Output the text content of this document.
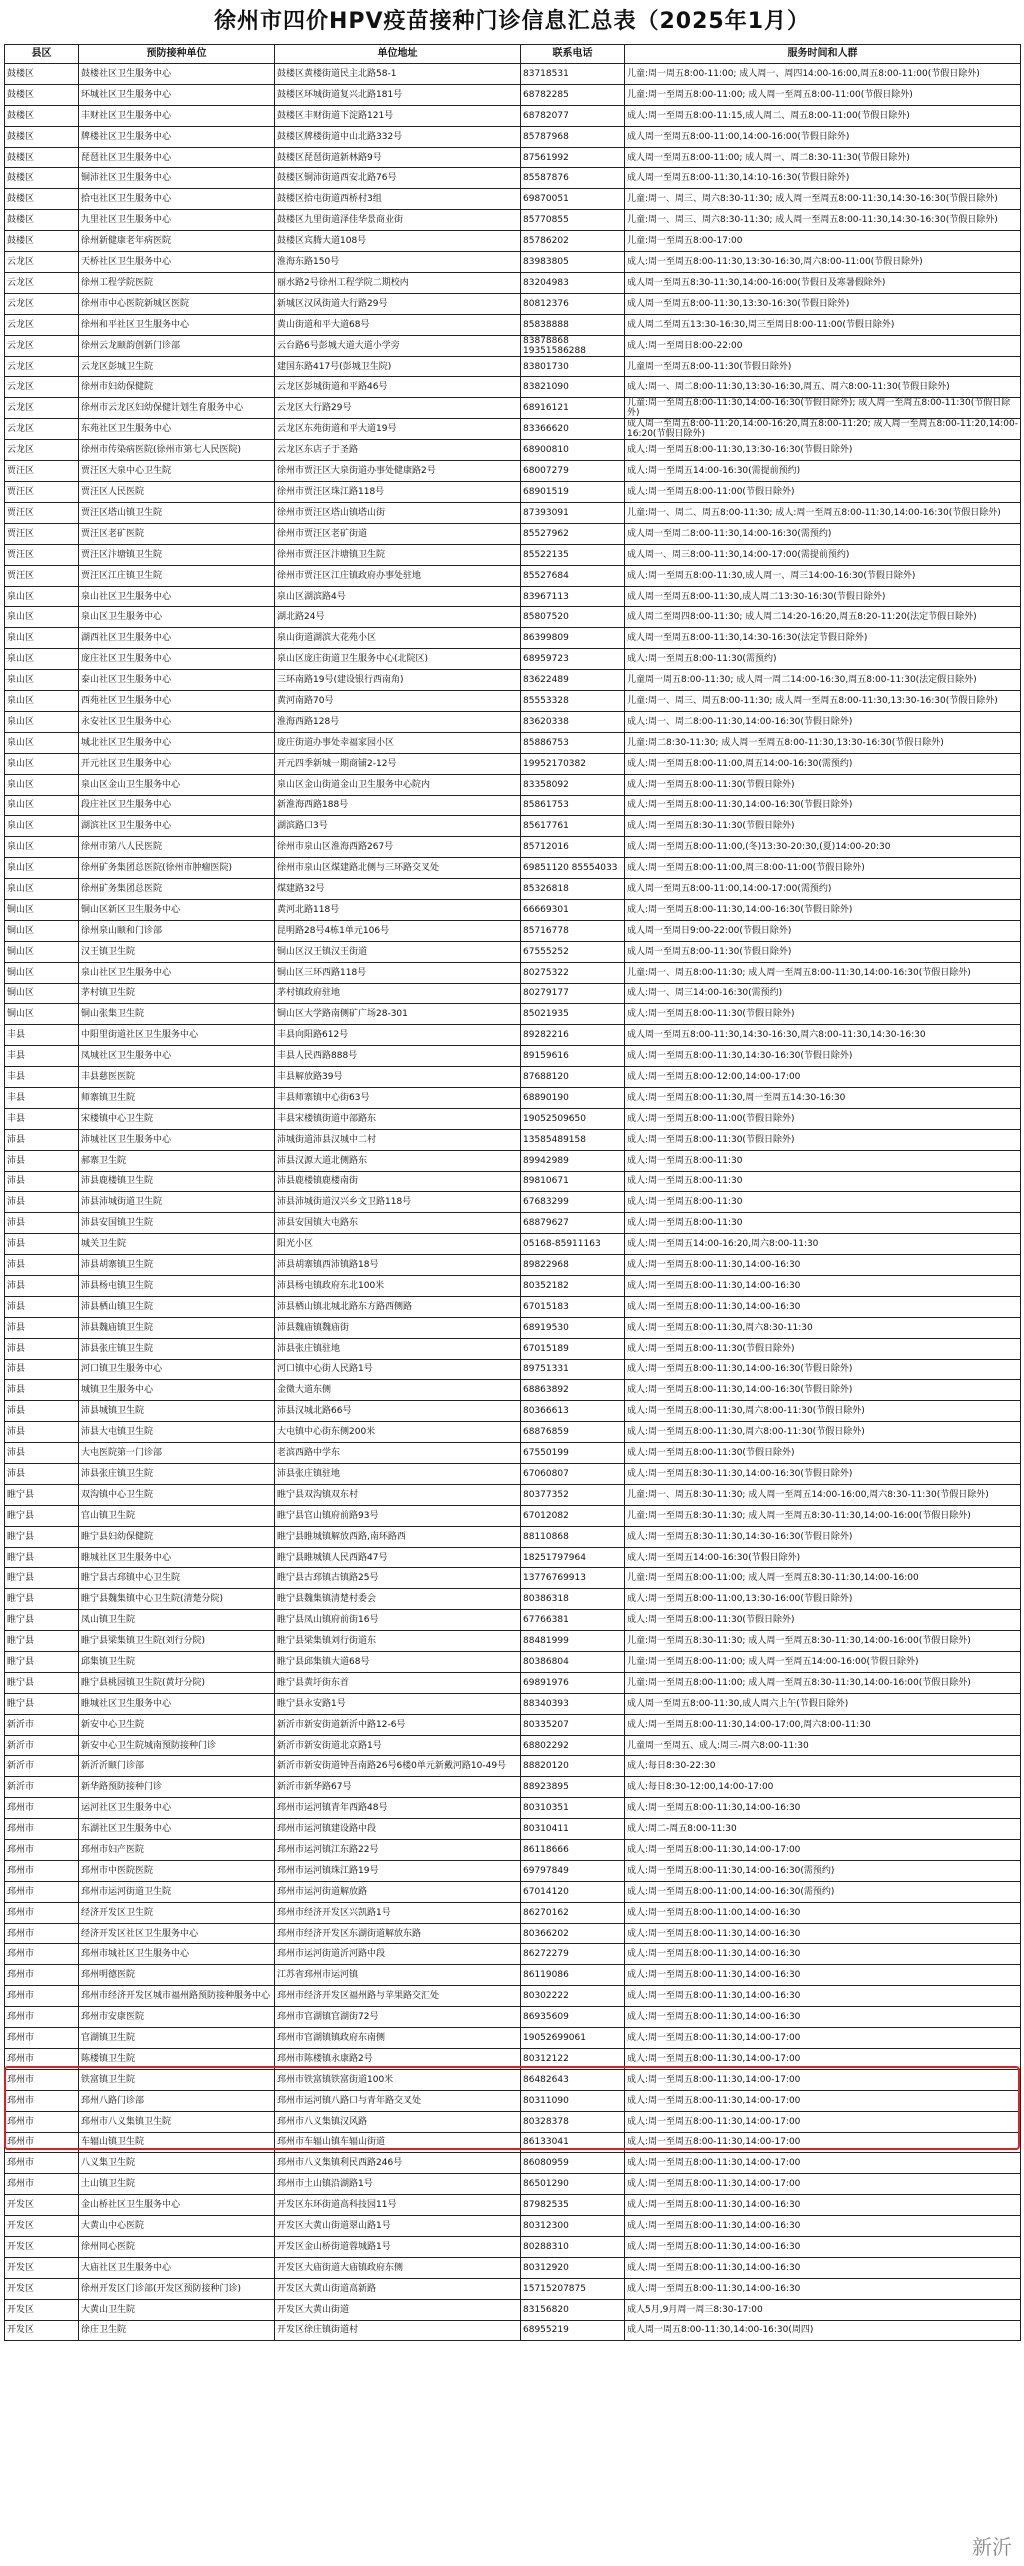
徐州市四价HPV疫苗接种门诊信息汇总表（2025年1月）
县区	预防接种单位	单位地址	联系电话	服务时间和人群
鼓楼区	鼓楼社区卫生服务中心	鼓楼区黄楼街道民主北路58-1	83718531	儿童:周一周五8:00-11:00; 成人周一、周四14:00-16:00,周五8:00-11:00(节假日除外)
鼓楼区	环城社区卫生服务中心	鼓楼区环城街道复兴北路181号	68782285	儿童:周一至周五8:00-11:00; 成人周一至周五8:00-11:00(节假日除外)
鼓楼区	丰财社区卫生服务中心	鼓楼区丰财街道下淀路121号	68782077	成人:周一至周五8:00-11:15,成人周二、周五8:00-11:00(节假日除外)
鼓楼区	牌楼社区卫生服务中心	鼓楼区牌楼街道中山北路332号	85787968	成人周一至周五8:00-11:00,14:00-16:00(节假日除外)
鼓楼区	琵琶社区卫生服务中心	鼓楼区琵琶街道新林路9号	87561992	成人周一至周五8:00-11:00; 成人周一、周二8:30-11:30(节假日除外)
鼓楼区	铜沛社区卫生服务中心	鼓楼区铜沛街道西安北路76号	85587876	成人周一至周五8:00-11:30,14:10-16:30(节假日除外)
鼓楼区	拾屯社区卫生服务中心	鼓楼区拾屯街道西桥村3组	69870051	儿童:周一、周三、周六8:30-11:30; 成人周一至周五8:00-11:30,14:30-16:30(节假日除外)
鼓楼区	九里社区卫生服务中心	鼓楼区九里街道泽佳华景商业街	85770855	儿童:周一、周三、周六8:30-11:30; 成人周一至周五8:00-11:30,14:30-16:30(节假日除外)
鼓楼区	徐州新健康老年病医院	鼓楼区宾腾大道108号	85786202	儿童:周一至周五8:00-17:00
云龙区	天桥社区卫生服务中心	淮海东路150号	83983805	成人:周一至周五8:00-11:30,13:30-16:30,周六8:00-11:00(节假日除外)
云龙区	徐州工程学院医院	丽水路2号徐州工程学院二期校内	83204983	成人周一至周五8:30-11:30,14:00-16:00(节假日及寒暑假除外)
云龙区	徐州市中心医院新城区医院	新城区汉风街道大行路29号	80812376	成人周一至周五8:00-11:30,13:30-16:30(节假日除外)
云龙区	徐州和平社区卫生服务中心	黄山街道和平大道68号	85838888	成人周二至周五13:30-16:30,周三至周日8:00-11:00(节假日除外)
云龙区	徐州云龙颐韵创新门诊部	云台路6号彭城大道大道小学旁	83878868 19351586288	成人:周一至周日8:00-22:00
云龙区	云龙区彭城卫生院	建国东路417号(彭城卫生院)	83801730	儿童周一至周五8:00-11:30(节假日除外)
云龙区	徐州市妇幼保健院	云龙区彭城街道和平路46号	83821090	成人:周一、周二8:00-11:30,13:30-16:30,周五、周六8:00-11:30(节假日除外)
云龙区	徐州市云龙区妇幼保健计划生育服务中心	云龙区大行路29号	68916121	儿童:周一至周五8:00-11:30,14:00-16:30(节假日除外); 成人周一至周五8:00-11:30(节假日除外)
云龙区	东苑社区卫生服务中心	云龙区东苑街道和平大道19号	83366620	成人周一至周五8:00-11:20,14:00-16:20,周五8:00-11:20; 成人周一至周五8:00-11:20,14:00-16:20(节假日除外)
云龙区	徐州市传染病医院(徐州市第七人民医院)	云龙区东店子于圣路	68900810	成人:周一至周五8:00-11:30,13:30-16:30(节假日除外)
贾汪区	贾汪区大泉中心卫生院	徐州市贾汪区大泉街道办事处健康路2号	68007279	成人:周一至周五14:00-16:30(需提前预约)
贾汪区	贾汪区人民医院	徐州市贾汪区珠江路118号	68901519	成人:周一至周五8:00-11:00(节假日除外)
贾汪区	贾汪区塔山镇卫生院	徐州市贾汪区塔山镇塔山街	87393091	儿童:周一、周二、周五8:00-11:30; 成人:周一至周五8:00-11:30,14:00-16:30(节假日除外)
贾汪区	贾汪区老矿医院	徐州市贾汪区老矿街道	85527962	成人周一至周二8:00-11:30,14:00-16:30(需预约)
贾汪区	贾汪区汴塘镇卫生院	徐州市贾汪区汴塘镇卫生院	85522135	成人周一、周三8:00-11:30,14:00-17:00(需提前预约)
贾汪区	贾汪区江庄镇卫生院	徐州市贾汪区江庄镇政府办事处驻地	85527684	成人:周一至周五8:00-11:30,成人周一、周三14:00-16:30(节假日除外)
泉山区	泉山社区卫生服务中心	泉山区湖滨路4号	83967113	成人周一至周五8:00-11:30,成人周二13:30-16:30(节假日除外)
泉山区	泉山区卫生服务中心	湖北路24号	85807520	成人周二至周四8:00-11:30; 成人周二14:20-16:20,周五8:20-11:20(法定节假日除外)
泉山区	湖西社区卫生服务中心	泉山街道湖滨大花苑小区	86399809	成人周一至周五8:00-11:30,14:30-16:30(法定节假日除外)
泉山区	庞庄社区卫生服务中心	泉山区庞庄街道卫生服务中心(北院区)	68959723	成人:周一至周五8:00-11:30(需预约)
泉山区	泰山社区卫生服务中心	三环南路19号(建设银行西南角)	83622489	儿童周一周五8:00-11:30; 成人周一周二14:00-16:30,周五8:00-11:30(法定假日除外)
泉山区	西苑社区卫生服务中心	黄河南路70号	85553328	儿童:周一、周三、周五8:00-11:30; 成人周一至周五8:00-11:30,13:30-16:30(节假日除外)
泉山区	永安社区卫生服务中心	淮海西路128号	83620338	成人:周一、周二8:00-11:30,14:00-16:30(节假日除外)
泉山区	城北社区卫生服务中心	庞庄街道办事处幸福家园小区	85886753	儿童:周二8:30-11:30; 成人周一至周五8:00-11:30,13:30-16:30(节假日除外)
泉山区	开元社区卫生服务中心	开元四季新城一期商铺2-12号	19952170382	成人:周一至周五8:00-11:00,周五14:00-16:30(需预约)
泉山区	泉山区金山卫生服务中心	泉山区金山街道金山卫生服务中心院内	83358092	成人:周一至周五8:00-11:30(节假日除外)
泉山区	段庄社区卫生服务中心	新淮海西路188号	85861753	成人:周一至周五8:00-11:30,14:00-16:30(节假日除外)
泉山区	湖滨社区卫生服务中心	湖滨路口3号	85617761	成人:周一至周五8:30-11:30(节假日除外)
泉山区	徐州市第八人民医院	徐州市泉山区淮海西路267号	85712016	成人:周一至周五8:00-11:00,(冬)13:30-20:30,(夏)14:00-20:30
泉山区	徐州矿务集团总医院(徐州市肿瘤医院)	徐州市泉山区煤建路北侧与三环路交叉处	69851120 85554033	成人:周一至周五8:00-11:00,周三8:00-11:00(节假日除外)
泉山区	徐州矿务集团总医院	煤建路32号	85326818	成人周一至周五8:00-11:00,14:00-17:00(需预约)
铜山区	铜山区新区卫生服务中心	黄河北路118号	66669301	成人:周一至周五8:00-11:30,14:00-16:30(节假日除外)
铜山区	徐州泉山颐和门诊部	昆明路28号4栋1单元106号	85716778	成人周一至周日9:00-22:00(节假日除外)
铜山区	汉王镇卫生院	铜山区汉王镇汉王街道	67555252	成人周一至周五8:00-11:30(节假日除外)
铜山区	泉山社区卫生服务中心	铜山区三环西路118号	80275322	儿童:周一、周五8:00-11:30; 成人周一至周五8:00-11:30,14:00-16:30(节假日除外)
铜山区	茅村镇卫生院	茅村镇政府驻地	80279177	成人:周一、周三14:00-16:30(需预约)
铜山区	铜山张集卫生院	铜山区大学路南侧矿广场28-301	85021935	成人:周一至周五8:00-11:30(节假日除外)
丰县	中阳里街道社区卫生服务中心	丰县向阳路612号	89282216	成人周一至周五8:00-11:30,14:30-16:30,周六8:00-11:30,14:30-16:30
丰县	凤城社区卫生服务中心	丰县人民西路888号	89159616	成人:周一至周五8:00-11:30,14:30-16:30(节假日除外)
丰县	丰县慈医医院	丰县解放路39号	87688120	成人:周一至周五8:00-12:00,14:00-17:00
丰县	师寨镇卫生院	丰县师寨镇中心街63号	68890190	成人:周一至周五8:00-11:30,周一至周五14:30-16:30
丰县	宋楼镇中心卫生院	丰县宋楼镇街道中部路东	19052509650	成人:周一至周五8:00-11:00(节假日除外)
沛县	沛城社区卫生服务中心	沛城街道沛县汉城中二村	13585489158	成人:周一至周五8:00-11:30(节假日除外)
沛县	郝寨卫生院	沛县汉源大道北侧路东	89942989	成人:周一至周五8:00-11:30
沛县	沛县鹿楼镇卫生院	沛县鹿楼镇鹿楼南街	89810671	成人:周一至周五8:00-11:30
沛县	沛县沛城街道卫生院	沛县沛城街道汉兴乡文卫路118号	67683299	成人:周一至周五8:00-11:30
沛县	沛县安国镇卫生院	沛县安国镇大屯路东	68879627	成人:周一至周五8:00-11:30
沛县	城关卫生院	阳光小区	05168-85911163	成人:周一至周五14:00-16:20,周六8:00-11:30
沛县	沛县胡寨镇卫生院	沛县胡寨镇西沛镇路18号	89822968	成人:周一至周五8:00-11:30,14:00-16:30
沛县	沛县杨屯镇卫生院	沛县杨屯镇政府东北100米	80352182	成人:周一至周五8:00-11:30,14:00-16:30
沛县	沛县栖山镇卫生院	沛县栖山镇北城北路东方路西侧路	67015183	成人:周一至周五8:00-11:30,14:00-16:30
沛县	沛县魏庙镇卫生院	沛县魏庙镇魏庙街	68919530	成人:周一至周五8:00-11:30,周六8:30-11:30
沛县	沛县张庄镇卫生院	沛县张庄镇驻地	67015189	成人:周一至周五8:00-11:30(节假日除外)
沛县	河口镇卫生服务中心	河口镇中心街人民路1号	89751331	成人:周一至周五8:00-11:30,14:00-16:30(节假日除外)
沛县	城镇卫生服务中心	金微大道东侧	68863892	成人:周一至周五8:00-11:30,14:00-16:30(节假日除外)
沛县	沛县城镇卫生院	沛县汉城北路66号	80366613	成人:周一至周五8:00-11:30,周六8:00-11:30(节假日除外)
沛县	沛县大屯镇卫生院	大屯镇中心街东侧200米	68876859	成人:周一至周五8:00-11:30,周六8:00-11:30(节假日除外)
沛县	大屯医院第一门诊部	老滨西路中学东	67550199	成人:周一至周五8:00-11:30(节假日除外)
沛县	沛县张庄镇卫生院	沛县张庄镇驻地	67060807	成人:周一至周五8:30-11:30,14:00-16:30(节假日除外)
睢宁县	双沟镇中心卫生院	睢宁县双沟镇双东村	80377352	儿童:周一、周五8:30-11:30; 成人周一至周五14:00-16:00,周六8:30-11:30(节假日除外)
睢宁县	官山镇卫生院	睢宁县官山镇府前路93号	67012082	儿童:周一至周五8:30-11:30; 成人周一至周五8:30-11:30,14:00-16:00(节假日除外)
睢宁县	睢宁县妇幼保健院	睢宁县睢城镇解放西路,南环路西	88110868	成人:周一至周五8:30-11:30,14:30-16:30(节假日除外)
睢宁县	睢城社区卫生服务中心	睢宁县睢城镇人民西路47号	18251797964	成人:周一至周五14:00-16:30(节假日除外)
睢宁县	睢宁县古邳镇中心卫生院	睢宁县古邳镇古镇路25号	13776769913	儿童:周一至周五8:00-11:00; 成人周一至周五8:30-11:30,14:00-16:00
睢宁县	睢宁县魏集镇中心卫生院(清楚分院)	睢宁县魏集镇清楚村委会	80386318	成人:周一至周五8:00-11:00,13:30-16:00(节假日除外)
睢宁县	凤山镇卫生院	睢宁县凤山镇府前街16号	67766381	成人:周一至周五8:00-11:30(节假日除外)
睢宁县	睢宁县梁集镇卫生院(刘行分院)	睢宁县梁集镇刘行街道东	88481999	儿童:周一至周五8:30-11:30; 成人周一至周五8:30-11:30,14:00-16:00(节假日除外)
睢宁县	邱集镇卫生院	睢宁县邱集镇大道68号	80386804	儿童:周一至周五8:00-11:00; 成人周一至周五14:00-16:00(节假日除外)
睢宁县	睢宁县桃园镇卫生院(黄圩分院)	睢宁县黄圩街东首	69891976	儿童:周一至周五8:00-11:00; 成人周一至周五8:30-11:30,14:00-16:00(节假日除外)
睢宁县	睢城社区卫生服务中心	睢宁县永安路1号	88340393	成人周一至周五8:00-11:30,成人周六上午(节假日除外)
新沂市	新安中心卫生院	新沂市新安街道新沂中路12-6号	80335207	成人:周一至周五8:00-11:30,14:00-17:00,周六8:00-11:30
新沂市	新安中心卫生院城南预防接种门诊	新沂市新安街道北京路1号	68802292	儿童周一至周五、成人:周三-周六8:00-11:30
新沂市	新沂沂颐门诊部	新沂市新安街道钟吾南路26号6楼0单元新戴河路10-49号	88820120	成人:每日8:30-22:30
新沂市	新华路预防接种门诊	新沂市新华路67号	88923895	成人:每日8:30-12:00,14:00-17:00
邳州市	运河社区卫生服务中心	邳州市运河镇青年西路48号	80310351	成人:周一至周五8:00-11:30,14:00-16:30
邳州市	东湖社区卫生服务中心	邳州市运河镇建设路中段	80310411	成人:周二-周五8:00-11:30
邳州市	邳州市妇产医院	邳州市运河镇江东路22号	86118666	成人:周一至周五8:00-11:30,14:00-17:00
邳州市	邳州市中医院医院	邳州市运河镇珠江路19号	69797849	成人:周一至周五8:00-11:30,14:00-16:30(需预约)
邳州市	邳州市运河街道卫生院	邳州市运河街道解放路	67014120	成人:周一至周五8:00-11:00,14:00-16:30(需预约)
邳州市	经济开发区卫生院	邳州市经济开发区兴凯路1号	86270162	成人:周一至周五8:00-11:00,14:00-16:30
邳州市	经济开发区社区卫生服务中心	邳州市经济开发区东湖街道解放东路	80366202	成人:周一至周五8:00-11:30,14:00-16:30
邳州市	邳州市城社区卫生服务中心	邳州市运河街道沂河路中段	86272279	成人:周一至周五8:00-11:30,14:00-16:30
邳州市	邳州明德医院	江苏省邳州市运河镇	86119086	成人:周一至周五8:00-11:30,14:00-16:30
邳州市	邳州市经济开发区城市福州路预防接种服务中心	邳州市经济开发区福州路与苹果路交汇处	80302222	成人:周一至周五8:00-11:30,14:00-16:30
邳州市	邳州市安康医院	邳州市官湖镇官湖街72号	86935609	成人:周一至周五8:00-11:30,14:00-16:30
邳州市	官湖镇卫生院	邳州市官湖镇镇政府东南侧	19052699061	成人:周一至周五8:00-11:30,14:00-17:00
邳州市	陈楼镇卫生院	邳州市陈楼镇永康路2号	80312122	成人:周一至周五8:00-11:30,14:00-17:00
邳州市	铁富镇卫生院	邳州市铁富镇铁富街道100米	86482643	成人:周一至周五8:00-11:30,14:00-17:00
邳州市	邳州八路门诊部	邳州市运河镇八路口与青年路交叉处	80311090	成人:周一至周五8:00-11:30,14:00-17:00
邳州市	邳州市八义集镇卫生院	邳州市八义集镇汉风路	80328378	成人:周一至周五8:00-11:30,14:00-17:00
邳州市	车辐山镇卫生院	邳州市车辐山镇车辐山街道	86133041	成人:周一至周五8:00-11:30,14:00-17:00
邳州市	八义集卫生院	邳州市八义集镇利民西路246号	86080959	成人:周一至周五8:00-11:30,14:00-17:00
邳州市	土山镇卫生院	邳州市土山镇沿湖路1号	86501290	成人:周一至周五8:00-11:30,14:00-17:00
开发区	金山桥社区卫生服务中心	开发区东环街道高科技园11号	87982535	成人:周一至周五8:00-11:30,14:00-16:30
开发区	大黄山中心医院	开发区大黄山街道翠山路1号	80312300	成人:周一至周五8:00-11:30,14:00-16:30
开发区	徐州同心医院	开发区金山桥街道蓉城路1号	80288310	成人:周一至周五8:00-11:30,14:00-16:30
开发区	大庙社区卫生服务中心	开发区大庙街道大庙镇政府东侧	80312920	成人:周一至周五8:00-11:30,14:00-16:30
开发区	徐州开发区门诊部(开发区预防接种门诊)	开发区大黄山街道高新路	15715207875	成人:周一至周五8:00-11:30,14:00-16:30
开发区	大黄山卫生院	开发区大黄山街道	83156820	成人5月,9月周一周三8:30-17:00
开发区	徐庄卫生院	开发区徐庄镇街道村	68955219	成人周一周五8:00-11:30,14:00-16:30(周四)
新沂
